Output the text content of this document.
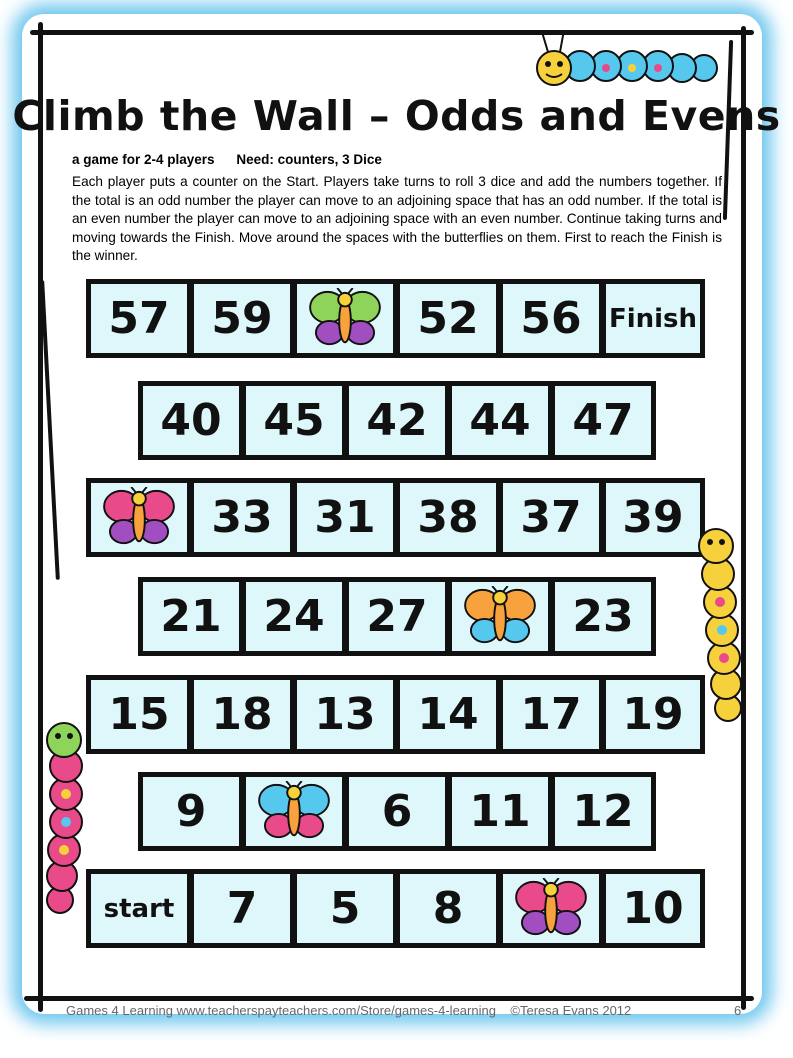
Climb the Wall – Odds and Evens
a game for 2-4 players Need: counters, 3 Dice
Each player puts a counter on the Start. Players take turns to roll 3 dice and add the numbers together. If the total is an odd number the player can move to an adjoining space that has an odd number. If the total is an even number the player can move to an adjoining space with an even number. Continue taking turns and moving towards the Finish. Move around the spaces with the butterflies on them. First to reach the Finish is the winner.
57 59	52 56	Finish
40 45 42 44 47
33 31 38 37 39
21 24 27	23
15 18 13 14 17 19
9	6	11 12
start	7	5	8	10
Games 4 Learning www.teacherspayteachers.com/Store/games-4-learning ©Teresa Evans 2012	6
